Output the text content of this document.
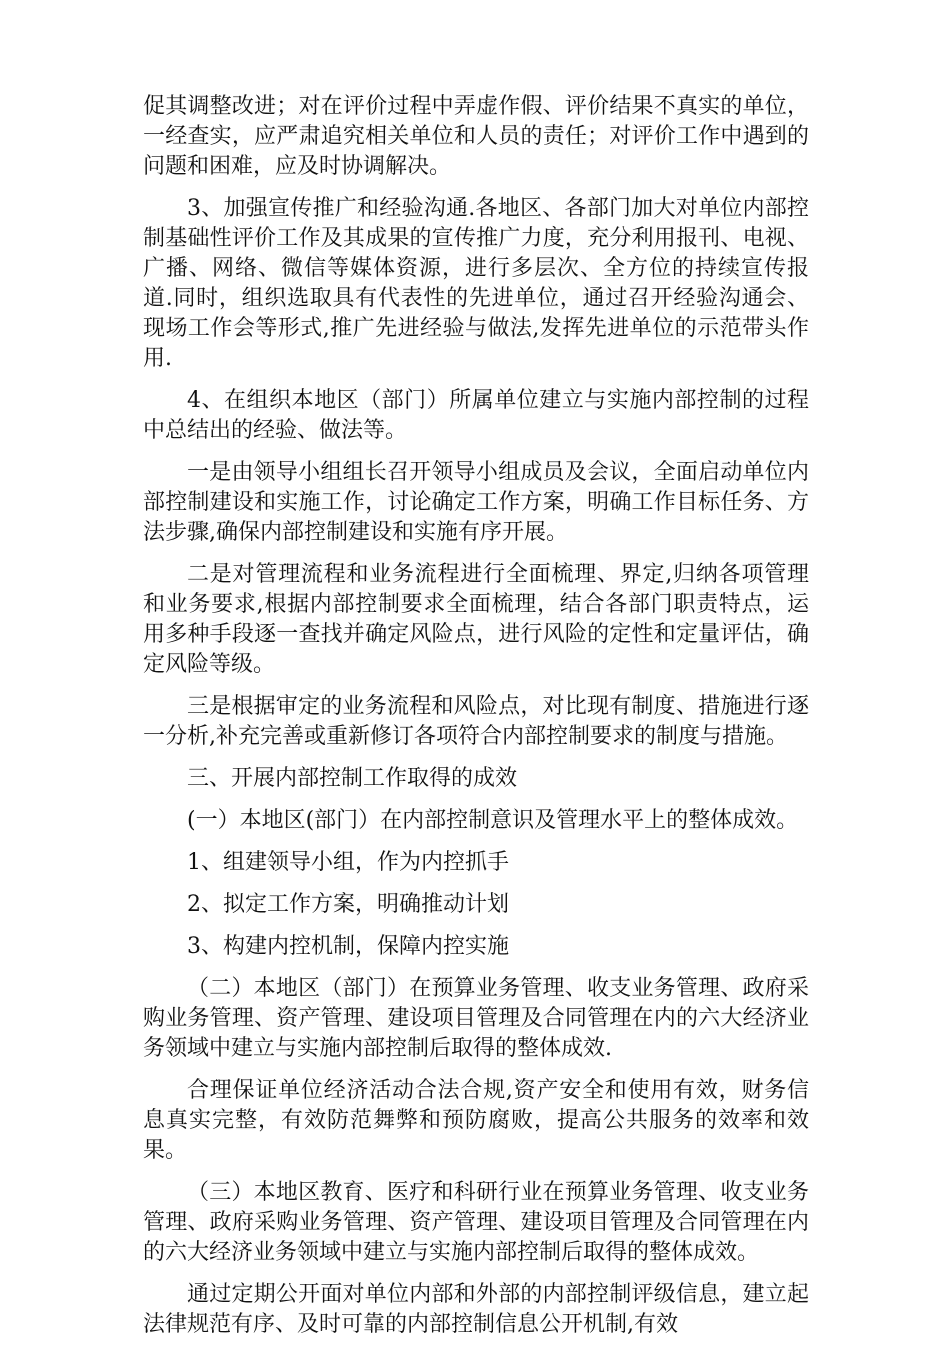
促其调整改进；对在评价过程中弄虚作假、评价结果不真实的单位，一经查实，应严肃追究相关单位和人员的责任；对评价工作中遇到的问题和困难，应及时协调解决。

3、加强宣传推广和经验沟通.各地区、各部门加大对单位内部控制基础性评价工作及其成果的宣传推广力度，充分利用报刊、电视、广播、网络、微信等媒体资源，进行多层次、全方位的持续宣传报道.同时，组织选取具有代表性的先进单位，通过召开经验沟通会、现场工作会等形式,推广先进经验与做法,发挥先进单位的示范带头作用.

4、在组织本地区（部门）所属单位建立与实施内部控制的过程中总结出的经验、做法等。

一是由领导小组组长召开领导小组成员及会议，全面启动单位内部控制建设和实施工作，讨论确定工作方案，明确工作目标任务、方法步骤,确保内部控制建设和实施有序开展。

二是对管理流程和业务流程进行全面梳理、界定,归纳各项管理和业务要求,根据内部控制要求全面梳理，结合各部门职责特点，运用多种手段逐一查找并确定风险点，进行风险的定性和定量评估，确定风险等级。

三是根据审定的业务流程和风险点，对比现有制度、措施进行逐一分析,补充完善或重新修订各项符合内部控制要求的制度与措施。

三、开展内部控制工作取得的成效

(一）本地区(部门）在内部控制意识及管理水平上的整体成效。

1、组建领导小组，作为内控抓手

2、拟定工作方案，明确推动计划

3、构建内控机制，保障内控实施

（二）本地区（部门）在预算业务管理、收支业务管理、政府采购业务管理、资产管理、建设项目管理及合同管理在内的六大经济业务领域中建立与实施内部控制后取得的整体成效.

合理保证单位经济活动合法合规,资产安全和使用有效，财务信息真实完整，有效防范舞弊和预防腐败，提高公共服务的效率和效果。

（三）本地区教育、医疗和科研行业在预算业务管理、收支业务管理、政府采购业务管理、资产管理、建设项目管理及合同管理在内的六大经济业务领域中建立与实施内部控制后取得的整体成效。

通过定期公开面对单位内部和外部的内部控制评级信息，建立起法律规范有序、及时可靠的内部控制信息公开机制,有效
